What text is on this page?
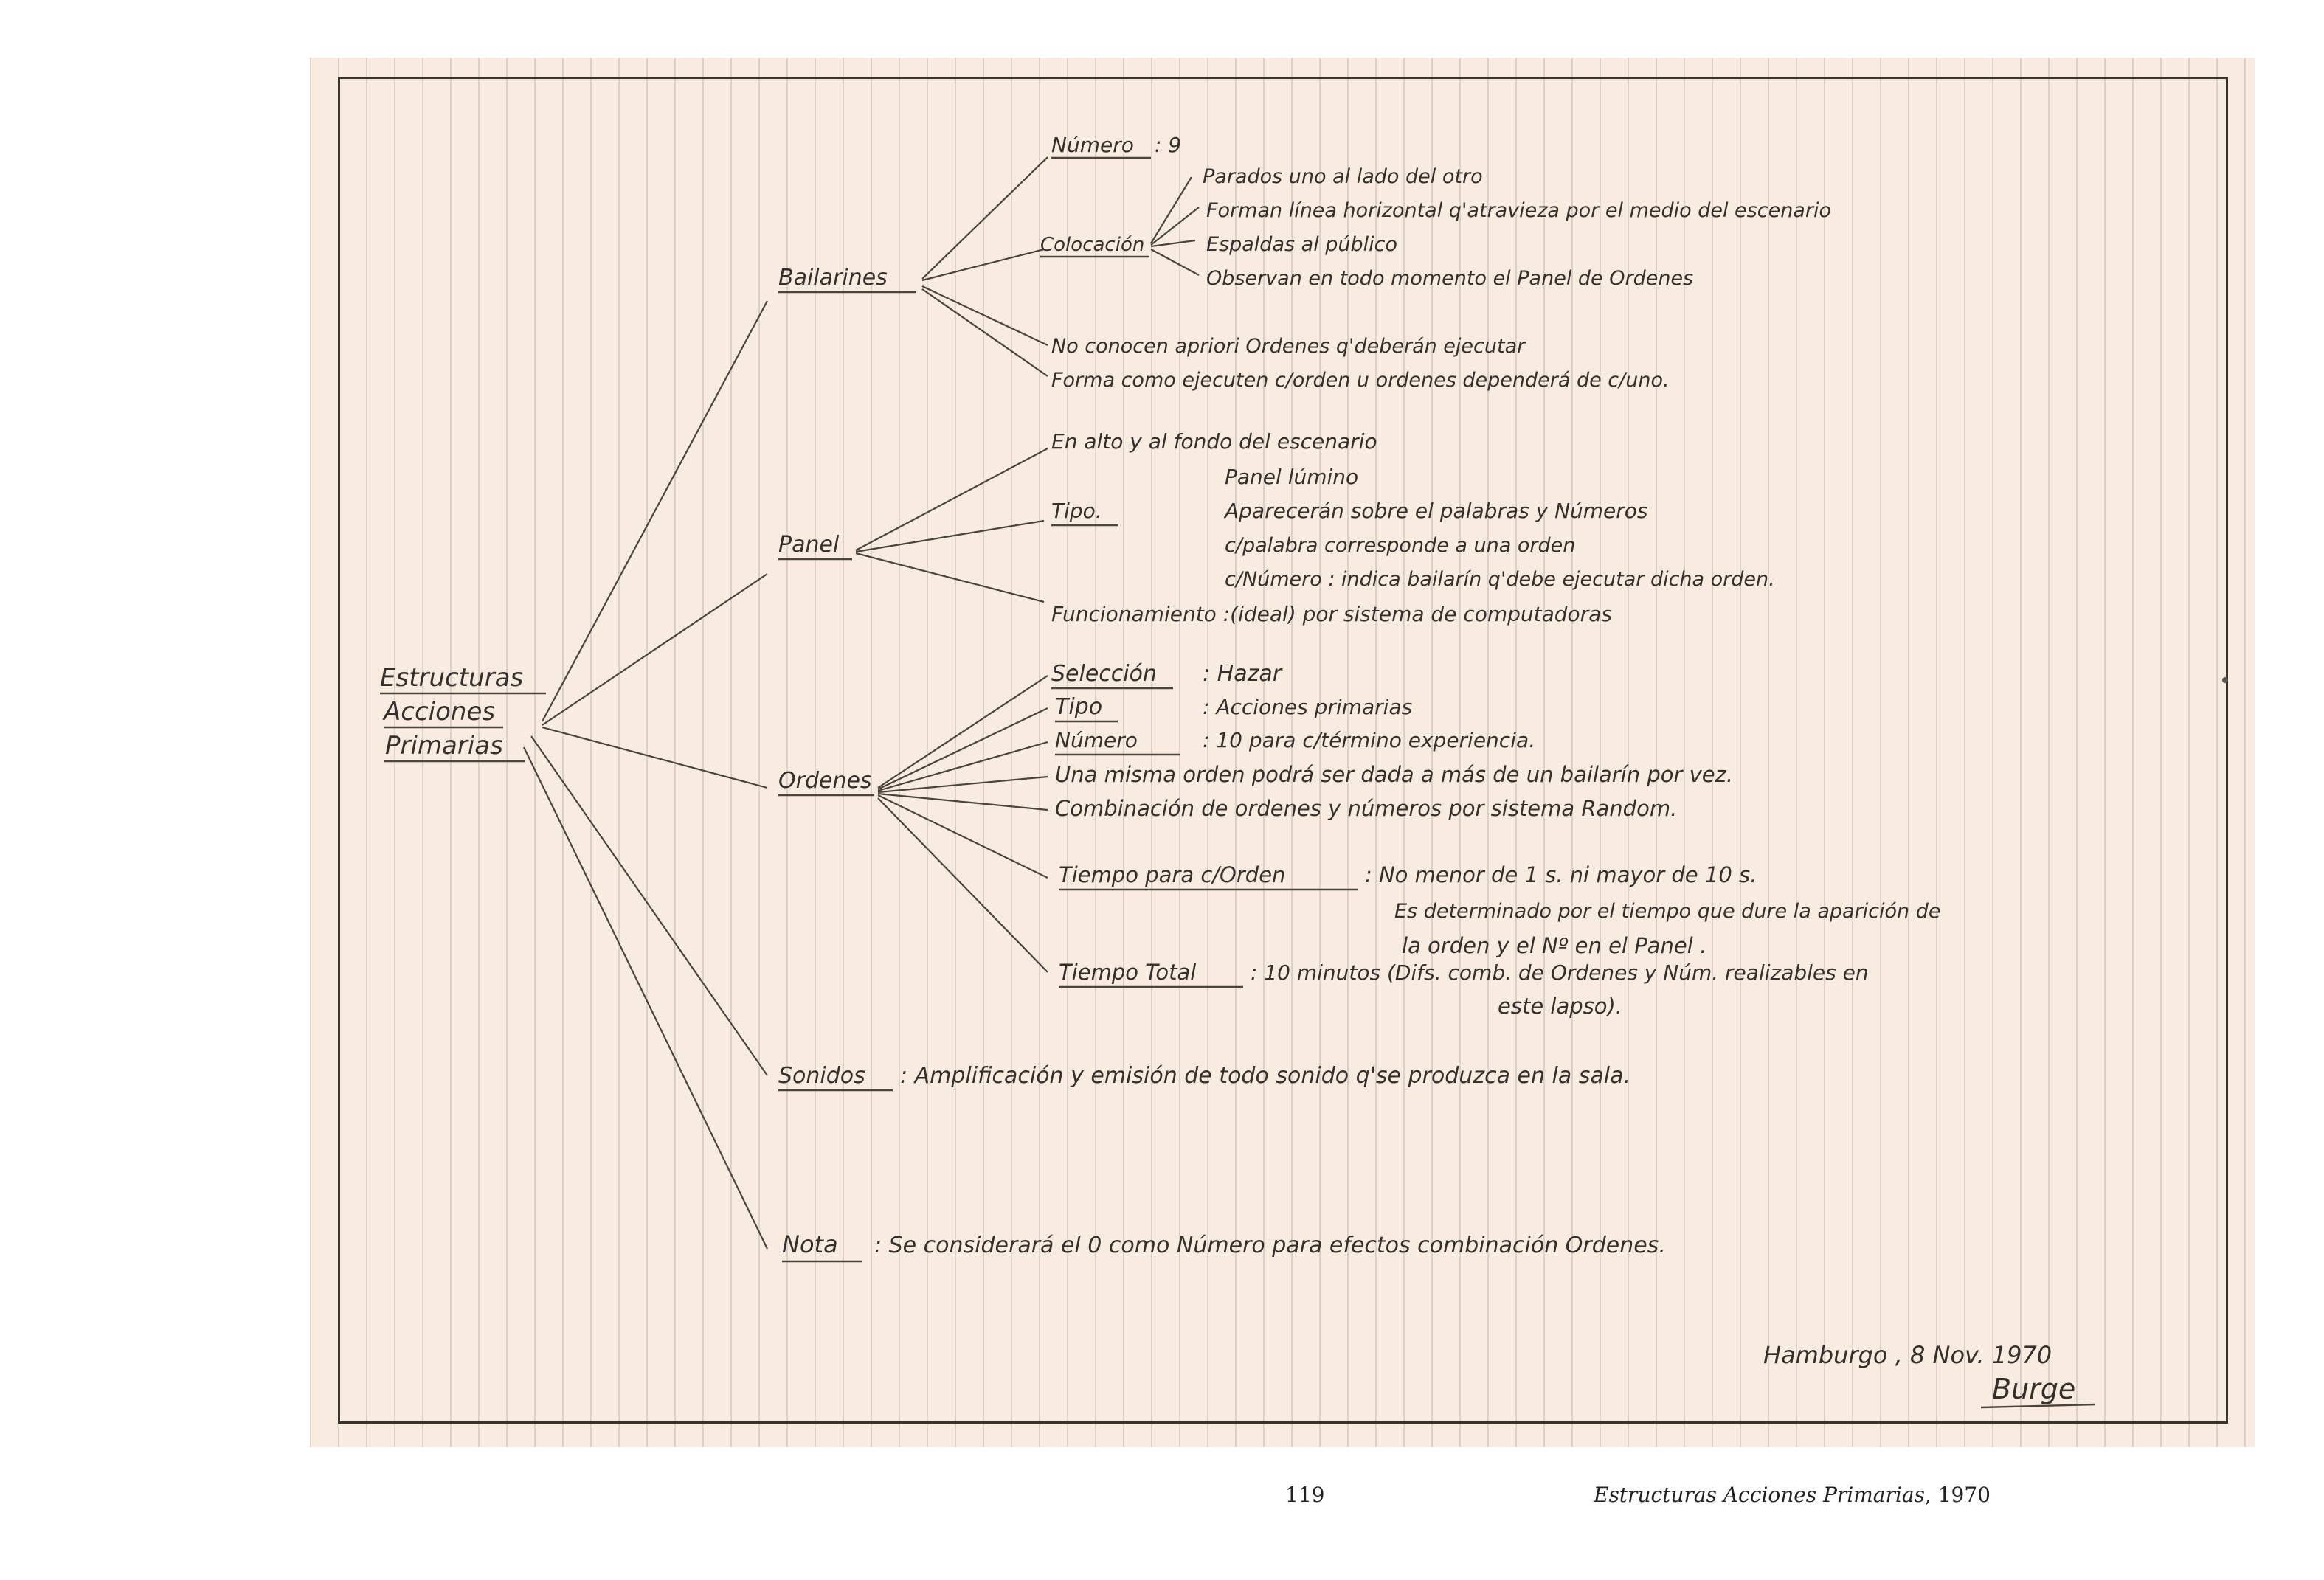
Estructuras
Acciones
Primarias
Bailarines
Número : 9
Colocación
Parados uno al lado del otro
Forman línea horizontal q'atravieza por el medio del escenario
Espaldas al público
Observan en todo momento el Panel de Ordenes
No conocen apriori Ordenes q'deberán ejecutar
Forma como ejecuten c/orden u ordenes dependerá de c/uno.
Panel
En alto y al fondo del escenario
Panel lúmino
Tipo.	Aparecerán sobre el palabras y Números
c/palabra corresponde a una orden
c/Número : indica bailarín q'debe ejecutar dicha orden.
Funcionamiento :(ideal) por sistema de computadoras
Ordenes
Selección : Hazar
Tipo	: Acciones primarias
Número	: 10 para c/término experiencia.
Una misma orden podrá ser dada a más de un bailarín por vez.
Combinación de ordenes y números por sistema Random.
Tiempo para c/Orden	: No menor de 1 s. ni mayor de 10 s.
Es determinado por el tiempo que dure la aparición de
la orden y el Nº en el Panel .
Tiempo Total	: 10 minutos (Difs. comb. de Ordenes y Núm. realizables en
este lapso).
Sonidos : Amplificación y emisión de todo sonido q'se produzca en la sala.
Nota : Se considerará el 0 como Número para efectos combinación Ordenes.
Hamburgo , 8 Nov. 1970
Burge
119	Estructuras Acciones Primarias, 1970
